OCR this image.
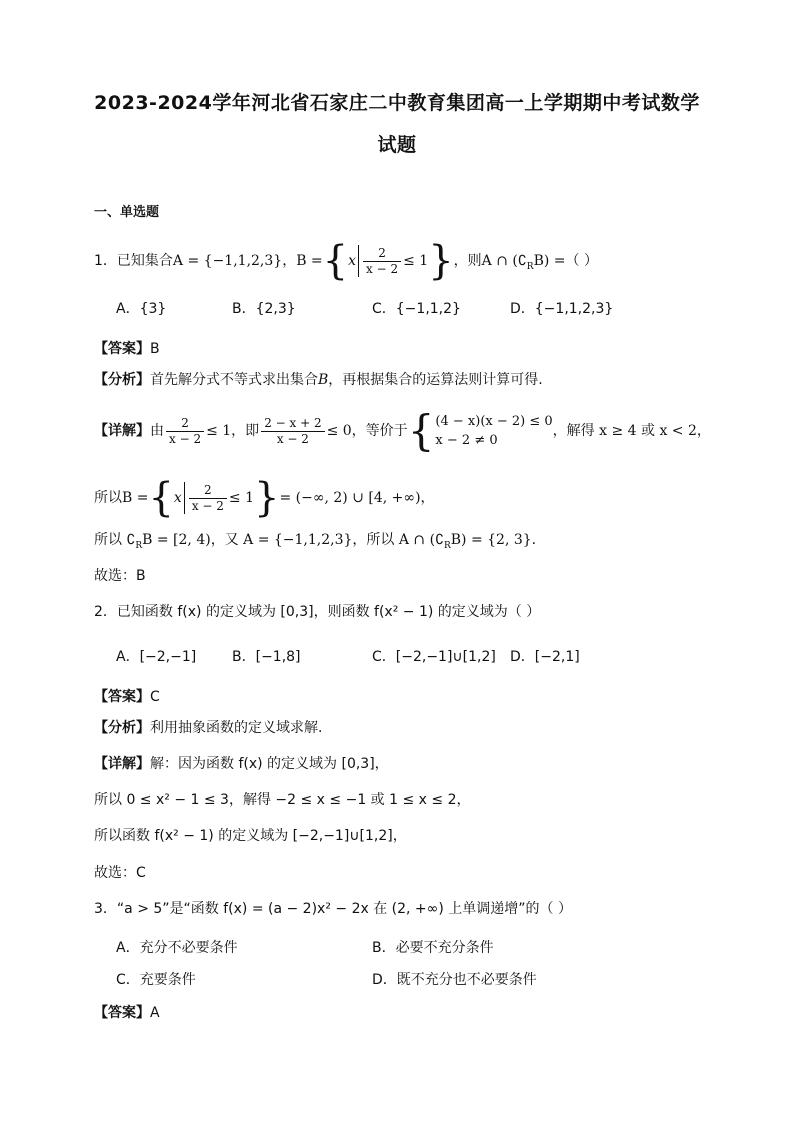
2023-2024学年河北省石家庄二中教育集团高一上学期期中考试数学
试题
一、单选题
1．已知集合A = {−1,1,2,3}，$B =\{x \frac{2}{x - 2} \le 1\}$，则A ∩ $(∁_RB)$ =（ ）
A．{3}	B．{2,3}	C．{−1,1,2}	D．{−1,1,2,3}
【答案】B
【分析】首先解分式不等式求出集合B，再根据集合的运算法则计算可得.
【详解】由 $\frac{2}{x - 2} \le 1$，即 $\frac{2 - x + 2}{x - 2} \le 0$，等价于{ (4 − x)(x − 2) ≤ 0
x − 2 ≠ 0
，解得 x ≥ 4 或 x < 2，
所以$B =\{x \frac{2}{x - 2} \le 1\}=$ (−∞, 2) ∪ [4, +∞)，
所以 $∁_RB = [2$, 4)，又 A = {−1,1,2,3}，所以 A ∩ $(∁_RB) = \{2$, 3}.
故选：B
2．已知函数 f(x) 的定义域为 [0,3]，则函数 f(x² − 1) 的定义域为（ ）
A．[−2,−1]	B．[−1,8]	C．[−2,−1]∪[1,2] D．[−2,1]
【答案】C
【分析】利用抽象函数的定义域求解.
【详解】解：因为函数 f(x) 的定义域为 [0,3]，
所以 0 ≤ x² − 1 ≤ 3，解得 −2 ≤ x ≤ −1 或 1 ≤ x ≤ 2，
所以函数 f(x² − 1) 的定义域为 [−2,−1]∪[1,2]，
故选：C
3．“a > 5”是“函数 f(x) = (a − 2)x² − 2x 在 (2, +∞) 上单调递增”的（ ）
A．充分不必要条件	B．必要不充分条件
C．充要条件	D．既不充分也不必要条件
【答案】A
